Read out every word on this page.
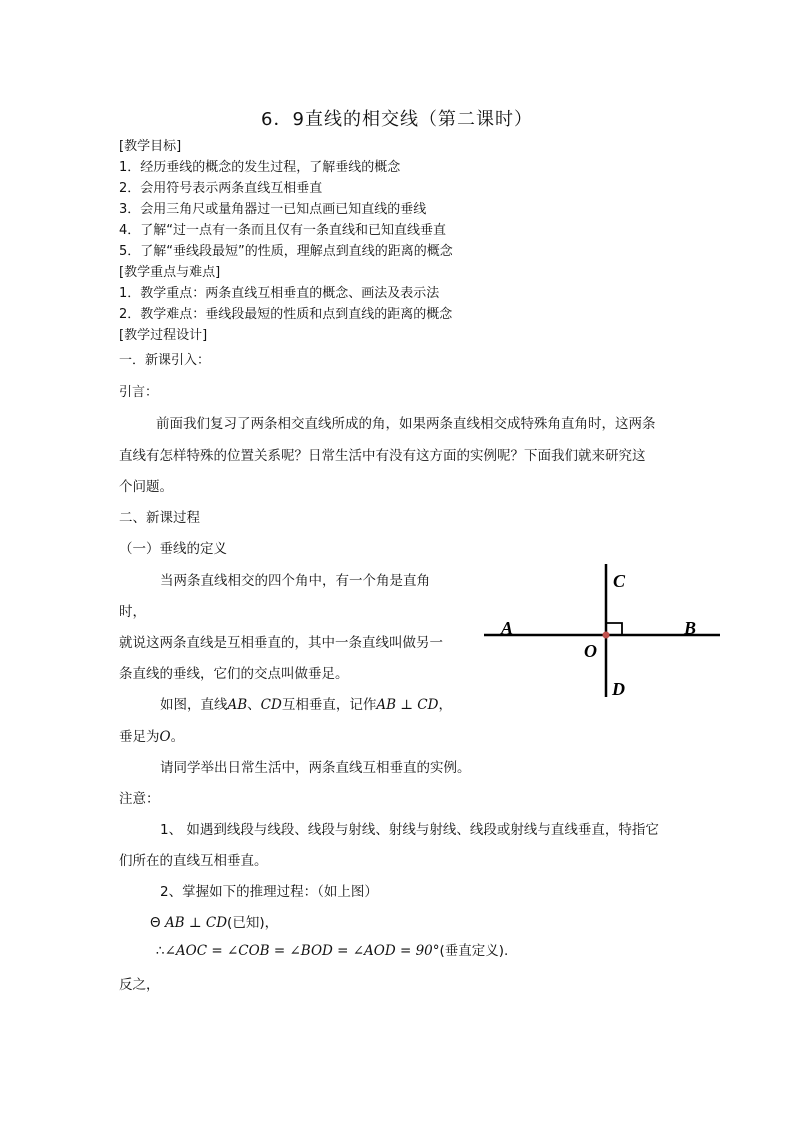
6．9直线的相交线（第二课时）
[教学目标]
1．经历垂线的概念的发生过程，了解垂线的概念
2．会用符号表示两条直线互相垂直
3．会用三角尺或量角器过一已知点画已知直线的垂线
4．了解“过一点有一条而且仅有一条直线和已知直线垂直
5．了解“垂线段最短”的性质，理解点到直线的距离的概念
[教学重点与难点]
1．教学重点：两条直线互相垂直的概念、画法及表示法
2．教学难点：垂线段最短的性质和点到直线的距离的概念
[教学过程设计]
一．新课引入：
引言：
前面我们复习了两条相交直线所成的角，如果两条直线相交成特殊角直角时，这两条
直线有怎样特殊的位置关系呢？日常生活中有没有这方面的实例呢？下面我们就来研究这
个问题。
二、新课过程
（一）垂线的定义
当两条直线相交的四个角中，有一个角是直角
时，
就说这两条直线是互相垂直的，其中一条直线叫做另一
条直线的垂线，它们的交点叫做垂足。
如图，直线AB、CD互相垂直，记作AB ⊥ CD，
垂足为O。
请同学举出日常生活中，两条直线互相垂直的实例。
注意：
1、 如遇到线段与线段、线段与射线、射线与射线、线段或射线与直线垂直，特指它
们所在的直线互相垂直。
2、掌握如下的推理过程：（如上图）
Θ AB ⊥ CD(已知)，
∴∠AOC = ∠COB = ∠BOD = ∠AOD = 90°(垂直定义).
反之，
A	B
C
D
O
